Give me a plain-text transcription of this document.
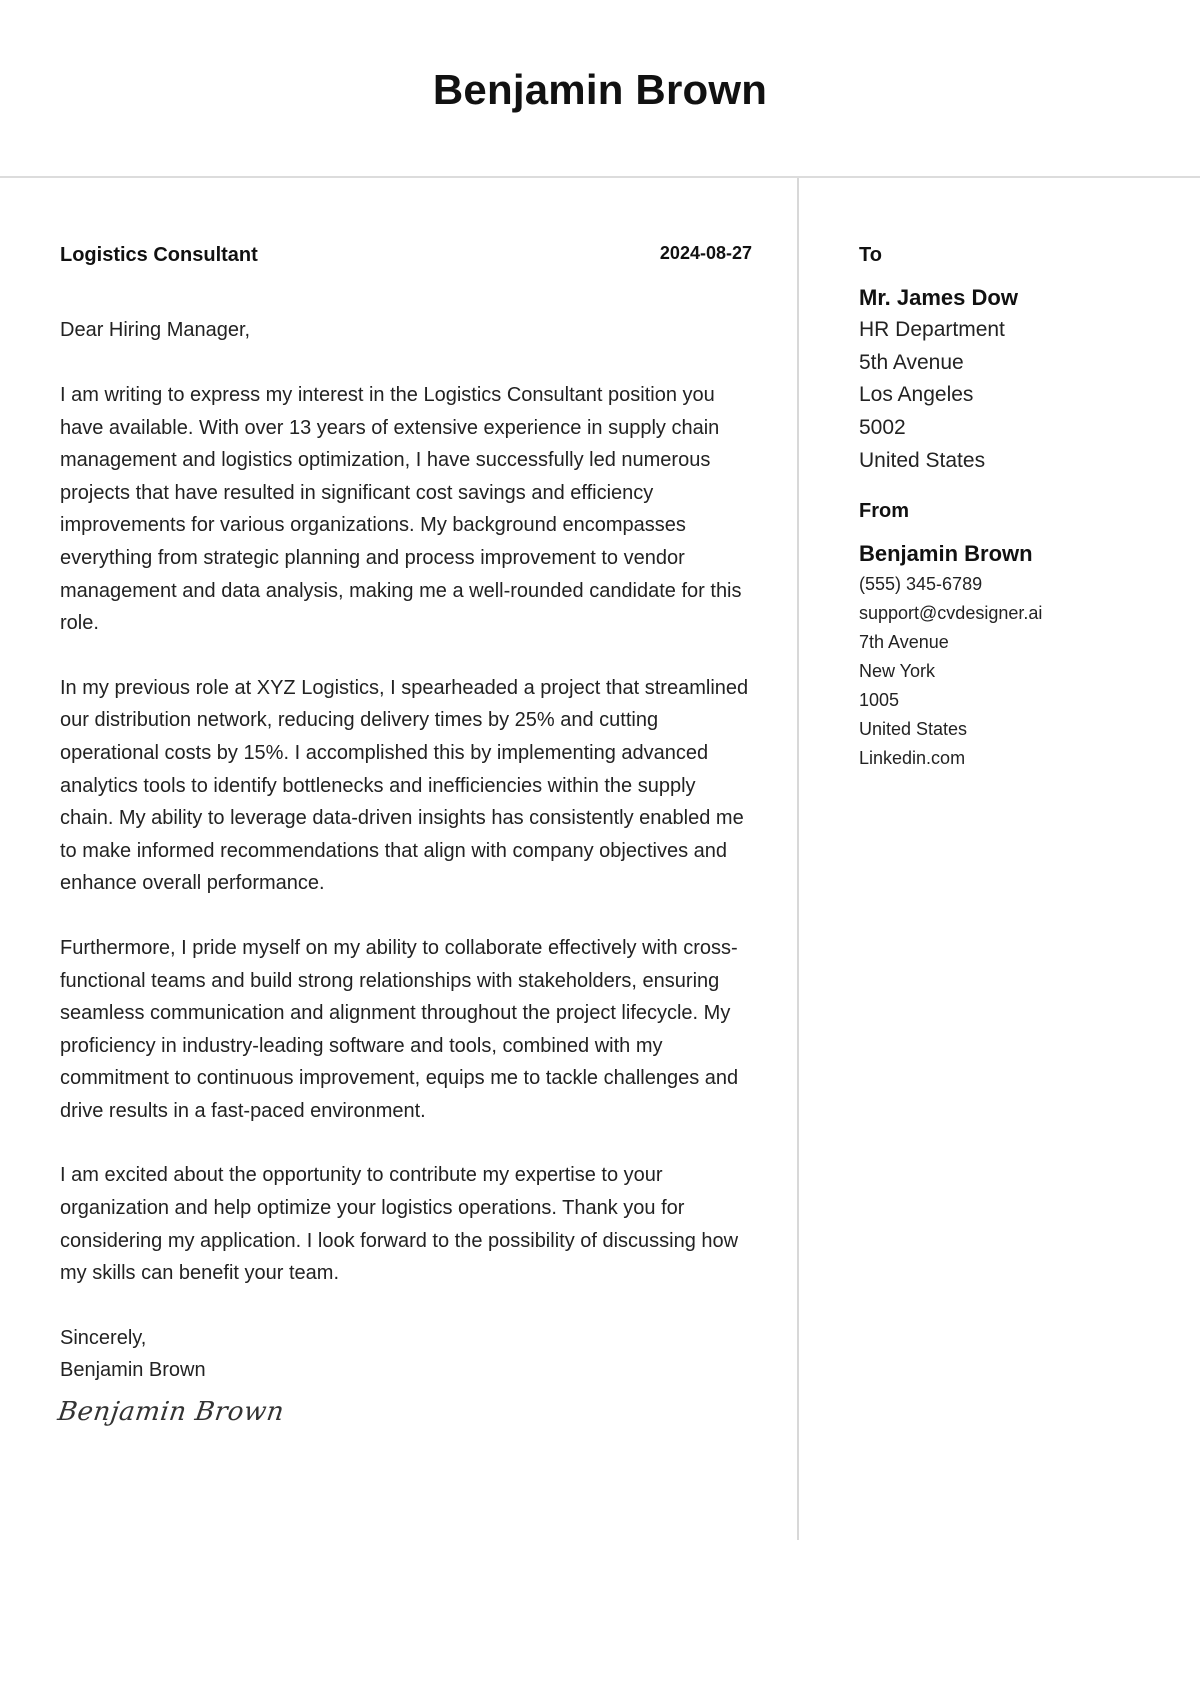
Benjamin Brown
Logistics Consultant	2024-08-27
Dear Hiring Manager,

I am writing to express my interest in the Logistics Consultant position you have available. With over 13 years of extensive experience in supply chain management and logistics optimization, I have successfully led numerous projects that have resulted in significant cost savings and efficiency improvements for various organizations. My background encompasses everything from strategic planning and process improvement to vendor management and data analysis, making me a well-rounded candidate for this role.

In my previous role at XYZ Logistics, I spearheaded a project that streamlined our distribution network, reducing delivery times by 25% and cutting operational costs by 15%. I accomplished this by implementing advanced analytics tools to identify bottlenecks and inefficiencies within the supply chain. My ability to leverage data-driven insights has consistently enabled me to make informed recommendations that align with company objectives and enhance overall performance.

Furthermore, I pride myself on my ability to collaborate effectively with cross-functional teams and build strong relationships with stakeholders, ensuring seamless communication and alignment throughout the project lifecycle. My proficiency in industry-leading software and tools, combined with my commitment to continuous improvement, equips me to tackle challenges and drive results in a fast-paced environment.

I am excited about the opportunity to contribute my expertise to your organization and help optimize your logistics operations. Thank you for considering my application. I look forward to the possibility of discussing how my skills can benefit your team.

Sincerely,
Benjamin Brown
Benjamin Brown
To
Mr. James Dow
HR Department
5th Avenue
Los Angeles
5002
United States
From
Benjamin Brown
(555) 345-6789
support@cvdesigner.ai
7th Avenue
New York
1005
United States
Linkedin.com
